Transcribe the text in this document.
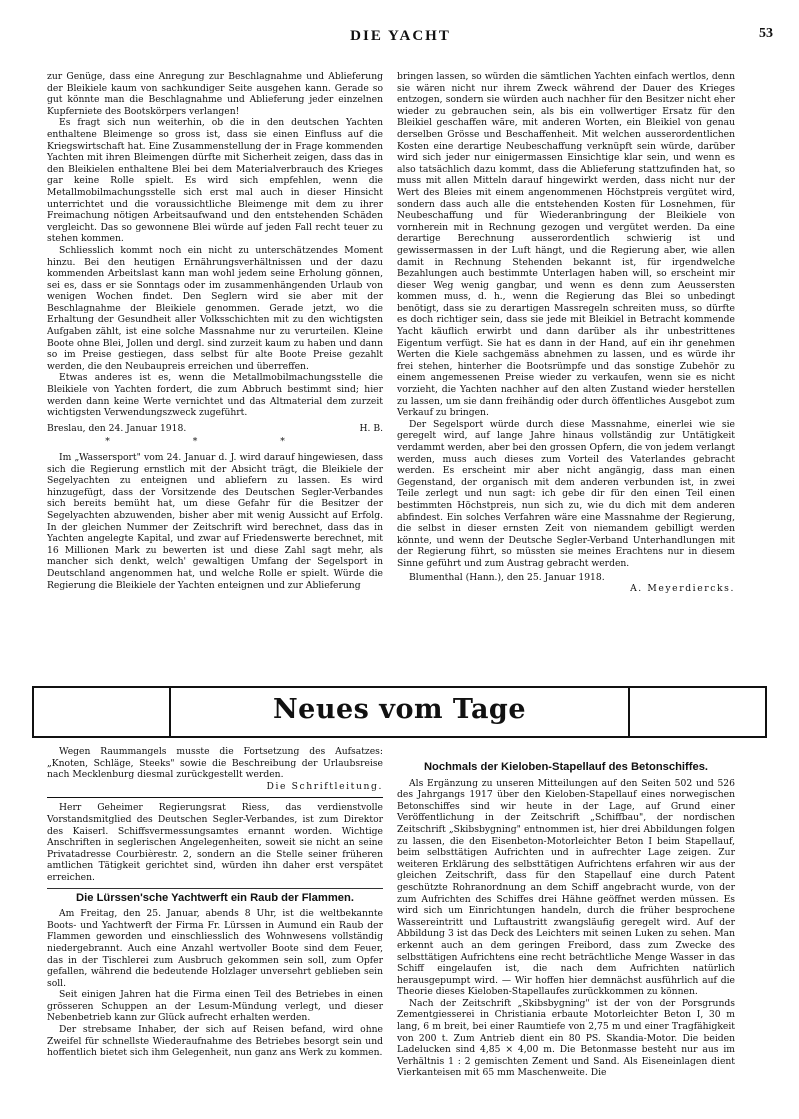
DIE YACHT	53

zur Genüge, dass eine Anregung zur Beschlagnahme und Ablieferung der Bleikiele kaum von sachkundiger Seite ausgehen kann. Gerade so gut könnte man die Beschlagnahme und Ablieferung jeder einzelnen Kupferniete des Bootskörpers verlangen!

Es fragt sich nun weiterhin, ob die in den deutschen Yachten enthaltene Bleimenge so gross ist, dass sie einen Einfluss auf die Kriegswirtschaft hat. Eine Zusammenstellung der in Frage kommenden Yachten mit ihren Bleimengen dürfte mit Sicherheit zeigen, dass das in den Bleikielen enthaltene Blei bei dem Materialverbrauch des Krieges gar keine Rolle spielt. Es wird sich empfehlen, wenn die Metallmobilmachungsstelle sich erst mal auch in dieser Hinsicht unterrichtet und die voraussichtliche Bleimenge mit dem zu ihrer Freimachung nötigen Arbeitsaufwand und den entstehenden Schäden vergleicht. Das so gewonnene Blei würde auf jeden Fall recht teuer zu stehen kommen.

Schliesslich kommt noch ein nicht zu unterschätzendes Moment hinzu. Bei den heutigen Ernährungsverhältnissen und der dazu kommenden Arbeitslast kann man wohl jedem seine Erholung gönnen, sei es, dass er sie Sonntags oder im zusammenhängenden Urlaub von wenigen Wochen findet. Den Seglern wird sie aber mit der Beschlagnahme der Bleikiele genommen. Gerade jetzt, wo die Erhaltung der Gesundheit aller Volksschichten mit zu den wichtigsten Aufgaben zählt, ist eine solche Massnahme nur zu verurteilen. Kleine Boote ohne Blei, Jollen und dergl. sind zurzeit kaum zu haben und dann so im Preise gestiegen, dass selbst für alte Boote Preise gezahlt werden, die den Neubaupreis erreichen und überreffen.

Etwas anderes ist es, wenn die Metallmobilmachungsstelle die Bleikiele von Yachten fordert, die zum Abbruch bestimmt sind; hier werden dann keine Werte vernichtet und das Altmaterial dem zurzeit wichtigsten Verwendungszweck zugeführt.

Breslau, den 24. Januar 1918.	H. B.
* * *

Im „Wassersport" vom 24. Januar d. J. wird darauf hingewiesen, dass sich die Regierung ernstlich mit der Absicht trägt, die Bleikiele der Segelyachten zu enteignen und abliefern zu lassen. Es wird hinzugefügt, dass der Vorsitzende des Deutschen Segler-Verbandes sich bereits bemüht hat, um diese Gefahr für die Besitzer der Segelyachten abzuwenden, bisher aber mit wenig Aussicht auf Erfolg. In der gleichen Nummer der Zeitschrift wird berechnet, dass das in Yachten angelegte Kapital, und zwar auf Friedenswerte berechnet, mit 16 Millionen Mark zu bewerten ist und diese Zahl sagt mehr, als mancher sich denkt, welch' gewaltigen Umfang der Segelsport in Deutschland angenommen hat, und welche Rolle er spielt. Würde die Regierung die Bleikiele der Yachten enteignen und zur Ablieferung

bringen lassen, so würden die sämtlichen Yachten einfach wertlos, denn sie wären nicht nur ihrem Zweck während der Dauer des Krieges entzogen, sondern sie würden auch nachher für den Besitzer nicht eher wieder zu gebrauchen sein, als bis ein vollwertiger Ersatz für den Bleikiel geschaffen wäre, mit anderen Worten, ein Bleikiel von genau derselben Grösse und Beschaffenheit. Mit welchen ausserordentlichen Kosten eine derartige Neubeschaffung verknüpft sein würde, darüber wird sich jeder nur einigermassen Einsichtige klar sein, und wenn es also tatsächlich dazu kommt, dass die Ablieferung stattzufinden hat, so muss mit allen Mitteln darauf hingewirkt werden, dass nicht nur der Wert des Bleies mit einem angenommenen Höchstpreis vergütet wird, sondern dass auch alle die entstehenden Kosten für Losnehmen, für Neubeschaffung und für Wiederanbringung der Bleikiele von vornherein mit in Rechnung gezogen und vergütet werden. Da eine derartige Berechnung ausserordentlich schwierig ist und gewissermassen in der Luft hängt, und die Regierung aber, wie allen damit in Rechnung Stehenden bekannt ist, für irgendwelche Bezahlungen auch bestimmte Unterlagen haben will, so erscheint mir dieser Weg wenig gangbar, und wenn es denn zum Aeussersten kommen muss, d. h., wenn die Regierung das Blei so unbedingt benötigt, dass sie zu derartigen Massregeln schreiten muss, so dürfte es doch richtiger sein, dass sie jede mit Bleikiel in Betracht kommende Yacht käuflich erwirbt und dann darüber als ihr unbestrittenes Eigentum verfügt. Sie hat es dann in der Hand, auf ein ihr genehmen Werten die Kiele sachgemäss abnehmen zu lassen, und es würde ihr frei stehen, hinterher die Bootsrümpfe und das sonstige Zubehör zu einem angemessenen Preise wieder zu verkaufen, wenn sie es nicht vorzieht, die Yachten nachher auf den alten Zustand wieder herstellen zu lassen, um sie dann freihändig oder durch öffentliches Ausgebot zum Verkauf zu bringen.

Der Segelsport würde durch diese Massnahme, einerlei wie sie geregelt wird, auf lange Jahre hinaus vollständig zur Untätigkeit verdammt werden, aber bei den grossen Opfern, die von jedem verlangt werden, muss auch dieses zum Vorteil des Vaterlandes gebracht werden. Es erscheint mir aber nicht angängig, dass man einen Gegenstand, der organisch mit dem anderen verbunden ist, in zwei Teile zerlegt und nun sagt: ich gebe dir für den einen Teil einen bestimmten Höchstpreis, nun sich zu, wie du dich mit dem anderen abfindest. Ein solches Verfahren wäre eine Massnahme der Regierung, die selbst in dieser ernsten Zeit von niemandem gebilligt werden könnte, und wenn der Deutsche Segler-Verband Unterhandlungen mit der Regierung führt, so müssten sie meines Erachtens nur in diesem Sinne geführt und zum Austrag gebracht werden.

Blumenthal (Hann.), den 25. Januar 1918.

A. Meyerdiercks.
Neues vom Tage

Wegen Raummangels musste die Fortsetzung des Aufsatzes: „Knoten, Schläge, Steeks" sowie die Beschreibung der Urlaubsreise nach Mecklenburg diesmal zurückgestellt werden.

Die Schriftleitung.

Herr Geheimer Regierungsrat Riess, das verdienstvolle Vorstandsmitglied des Deutschen Segler-Verbandes, ist zum Direktor des Kaiserl. Schiffsvermessungsamtes ernannt worden. Wichtige Anschriften in seglerischen Angelegenheiten, soweit sie nicht an seine Privatadresse Courbièrestr. 2, sondern an die Stelle seiner früheren amtlichen Tätigkeit gerichtet sind, würden ihn daher erst verspätet erreichen.

Die Lürssen'sche Yachtwerft ein Raub der Flammen.

Am Freitag, den 25. Januar, abends 8 Uhr, ist die weltbekannte Boots- und Yachtwerft der Firma Fr. Lürssen in Aumund ein Raub der Flammen geworden und einschliesslich des Wohnwesens vollständig niedergebrannt. Auch eine Anzahl wertvoller Boote sind dem Feuer, das in der Tischlerei zum Ausbruch gekommen sein soll, zum Opfer gefallen, während die bedeutende Holzlager unversehrt geblieben sein soll.

Seit einigen Jahren hat die Firma einen Teil des Betriebes in einen grösseren Schuppen an der Lesum-Mündung verlegt, und dieser Nebenbetrieb kann zur Glück aufrecht erhalten werden.

Der strebsame Inhaber, der sich auf Reisen befand, wird ohne Zweifel für schnellste Wiederaufnahme des Betriebes besorgt sein und hoffentlich bietet sich ihm Gelegenheit, nun ganz ans Werk zu kommen.

Nochmals der Kieloben-Stapellauf des Betonschiffes.

Als Ergänzung zu unseren Mitteilungen auf den Seiten 502 und 526 des Jahrgangs 1917 über den Kieloben-Stapellauf eines norwegischen Betonschiffes sind wir heute in der Lage, auf Grund einer Veröffentlichung in der Zeitschrift „Schiffbau", der nordischen Zeitschrift „Skibsbygning" entnommen ist, hier drei Abbildungen folgen zu lassen, die den Eisenbeton-Motorleichter Beton I beim Stapellauf, beim selbsttätigen Aufrichten und in aufrechter Lage zeigen. Zur weiteren Erklärung des selbsttätigen Aufrichtens erfahren wir aus der gleichen Zeitschrift, dass für den Stapellauf eine durch Patent geschützte Rohranordnung an dem Schiff angebracht wurde, von der zum Aufrichten des Schiffes drei Hähne geöffnet werden müssen. Es wird sich um Einrichtungen handeln, durch die früher besprochene Wassereintritt und Luftaustritt zwangsläufig geregelt wird. Auf der Abbildung 3 ist das Deck des Leichters mit seinen Luken zu sehen. Man erkennt auch an dem geringen Freibord, dass zum Zwecke des selbsttätigen Aufrichtens eine recht beträchtliche Menge Wasser in das Schiff eingelaufen ist, die nach dem Aufrichten natürlich herausgepumpt wird. — Wir hoffen hier demnächst ausführlich auf die Theorie dieses Kieloben-Stapellaufes zurückkommen zu können.

Nach der Zeitschrift „Skibsbygning" ist der von der Porsgrunds Zementgiesserei in Christiania erbaute Motorleichter Beton I, 30 m lang, 6 m breit, bei einer Raumtiefe von 2,75 m und einer Tragfähigkeit von 200 t. Zum Antrieb dient ein 80 PS. Skandia-Motor. Die beiden Ladelucken sind 4,85 × 4,00 m. Die Betonmasse besteht nur aus im Verhältnis 1 : 2 gemischten Zement und Sand. Als Eiseneinlagen dient Vierkanteisen mit 65 mm Maschenweite. Die
